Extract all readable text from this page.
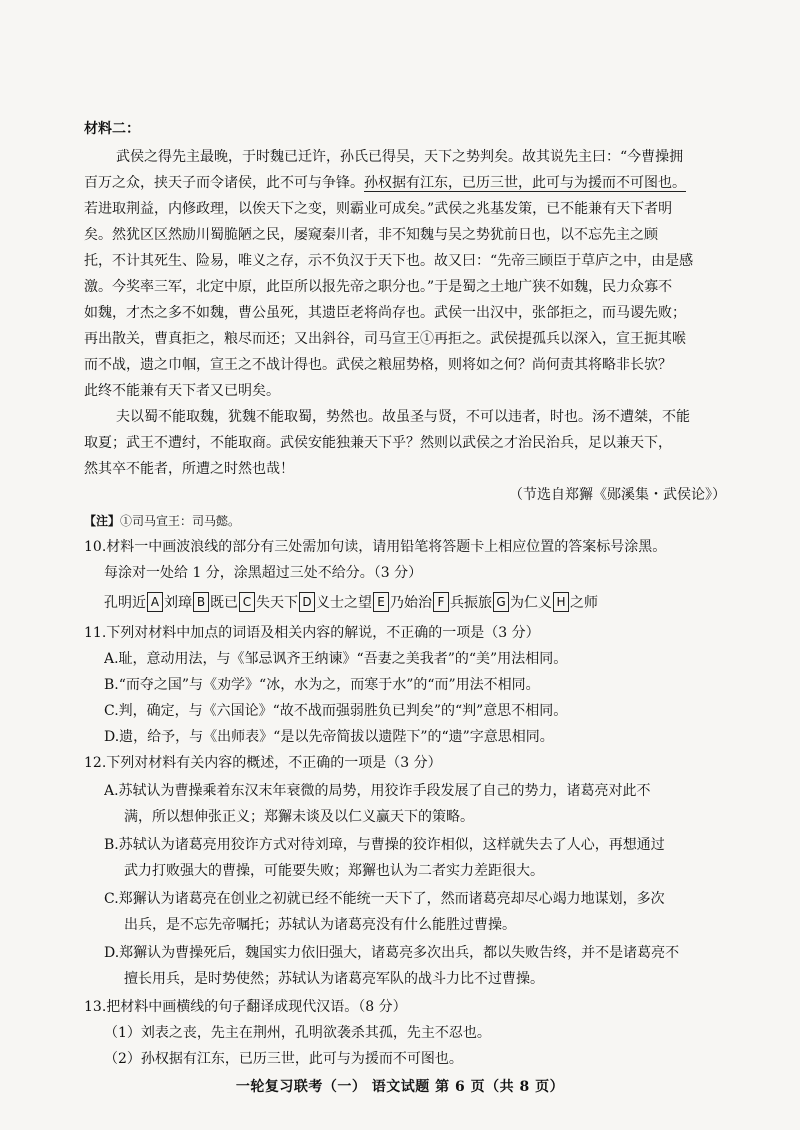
材料二：
武侯之得先主最晚，于时魏已迁许，孙氏已得吴，天下之势判矣。故其说先主曰：“今曹操拥
百万之众，挟天子而令诸侯，此不可与争锋。孙权据有江东，已历三世，此可与为援而不可图也。
若进取荆益，内修政理，以俟天下之变，则霸业可成矣。”武侯之兆基发策，已不能兼有天下者明
矣。然犹区区然励川蜀脆陋之民，屡窥秦川者，非不知魏与吴之势犹前日也，以不忘先主之顾
托，不计其死生、险易，唯义之存，示不负汉于天下也。故又曰：“先帝三顾臣于草庐之中，由是感
激。今奖率三军，北定中原，此臣所以报先帝之职分也。”于是蜀之土地广狭不如魏，民力众寡不
如魏，才杰之多不如魏，曹公虽死，其遗臣老将尚存也。武侯一出汉中，张郃拒之，而马谡先败；
再出散关，曹真拒之，粮尽而还；又出斜谷，司马宣王①再拒之。武侯提孤兵以深入，宣王扼其喉
而不战，遗之巾帼，宣王之不战计得也。武侯之粮屈势格，则将如之何？尚何责其将略非长欤？
此终不能兼有天下者又已明矣。
夫以蜀不能取魏，犹魏不能取蜀，势然也。故虽圣与贤，不可以违者，时也。汤不遭桀，不能
取夏；武王不遭纣，不能取商。武侯安能独兼天下乎？然则以武侯之才治民治兵，足以兼天下，
然其卒不能者，所遭之时然也哉！
（节选自郑獬《郧溪集・武侯论》）
【注】①司马宣王：司马懿。
10.材料一中画波浪线的部分有三处需加句读，请用铅笔将答题卡上相应位置的答案标号涂黑。
每涂对一处给 1 分，涂黑超过三处不给分。（3 分）
孔明近 A 刘璋 B 既已 C 失天下 D 义士之望 E 乃始治 F 兵振旅 G 为仁义 H 之师
11.下列对材料中加点的词语及相关内容的解说，不正确的一项是（3 分）
A.耻，意动用法，与《邹忌讽齐王纳谏》“吾妻之美我者”的“美”用法相同。
B.“而夺之国”与《劝学》“冰，水为之，而寒于水”的“而”用法不相同。
C.判，确定，与《六国论》“故不战而强弱胜负已判矣”的“判”意思不相同。
D.遗，给予，与《出师表》“是以先帝简拔以遗陛下”的“遗”字意思相同。
12.下列对材料有关内容的概述，不正确的一项是（3 分）
A.苏轼认为曹操乘着东汉末年衰微的局势，用狡诈手段发展了自己的势力，诸葛亮对此不
满，所以想伸张正义；郑獬未谈及以仁义赢天下的策略。
B.苏轼认为诸葛亮用狡诈方式对待刘璋，与曹操的狡诈相似，这样就失去了人心，再想通过
武力打败强大的曹操，可能要失败；郑獬也认为二者实力差距很大。
C.郑獬认为诸葛亮在创业之初就已经不能统一天下了，然而诸葛亮却尽心竭力地谋划，多次
出兵，是不忘先帝嘱托；苏轼认为诸葛亮没有什么能胜过曹操。
D.郑獬认为曹操死后，魏国实力依旧强大，诸葛亮多次出兵，都以失败告终，并不是诸葛亮不
擅长用兵，是时势使然；苏轼认为诸葛亮军队的战斗力比不过曹操。
13.把材料中画横线的句子翻译成现代汉语。（8 分）
（1）刘表之丧，先主在荆州，孔明欲袭杀其孤，先主不忍也。
（2）孙权据有江东，已历三世，此可与为援而不可图也。
一轮复习联考（一） 语文试题 第 6 页（共 8 页）
